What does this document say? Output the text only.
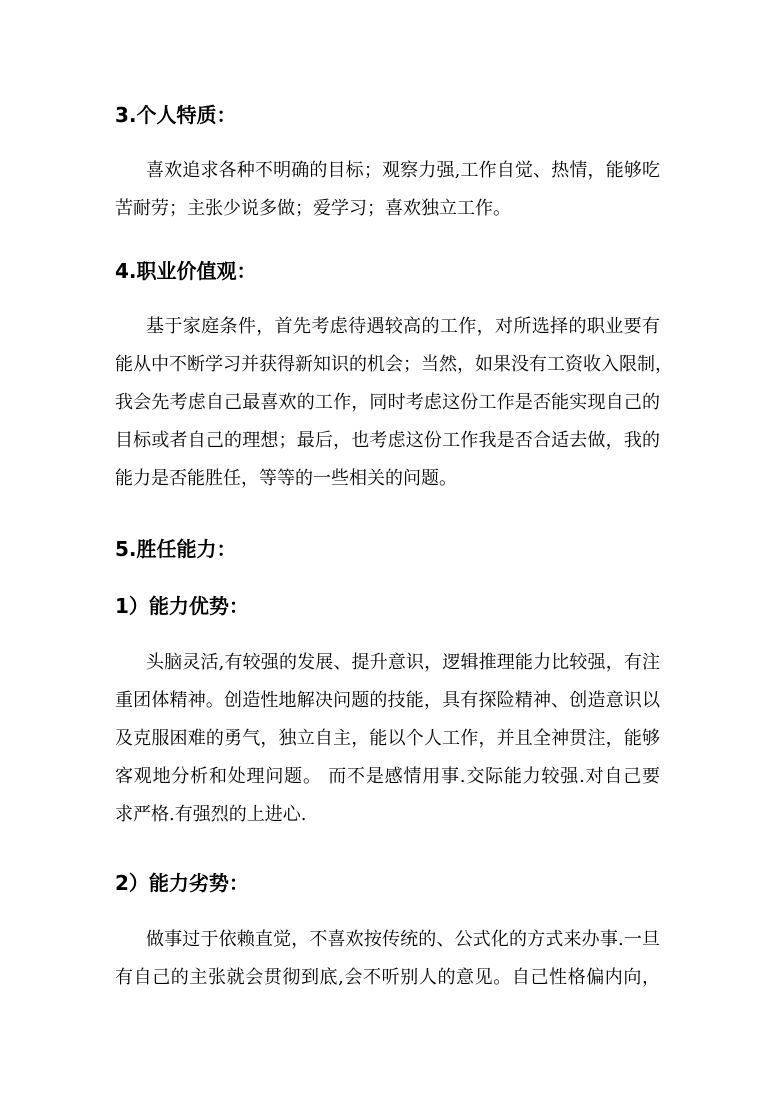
3.个人特质：
喜欢追求各种不明确的目标；观察力强,工作自觉、热情，能够吃
苦耐劳；主张少说多做；爱学习；喜欢独立工作。
4.职业价值观：
基于家庭条件，首先考虑待遇较高的工作，对所选择的职业要有
能从中不断学习并获得新知识的机会；当然，如果没有工资收入限制，
我会先考虑自己最喜欢的工作，同时考虑这份工作是否能实现自己的
目标或者自己的理想；最后，也考虑这份工作我是否合适去做，我的
能力是否能胜任，等等的一些相关的问题。
5.胜任能力：
1）能力优势：
头脑灵活,有较强的发展、提升意识，逻辑推理能力比较强，有注
重团体精神。创造性地解决问题的技能，具有探险精神、创造意识以
及克服困难的勇气，独立自主，能以个人工作，并且全神贯注，能够
客观地分析和处理问题。 而不是感情用事.交际能力较强.对自己要
求严格.有强烈的上进心.
2）能力劣势：
做事过于依赖直觉，不喜欢按传统的、公式化的方式来办事.一旦
有自己的主张就会贯彻到底,会不听别人的意见。自己性格偏内向，
